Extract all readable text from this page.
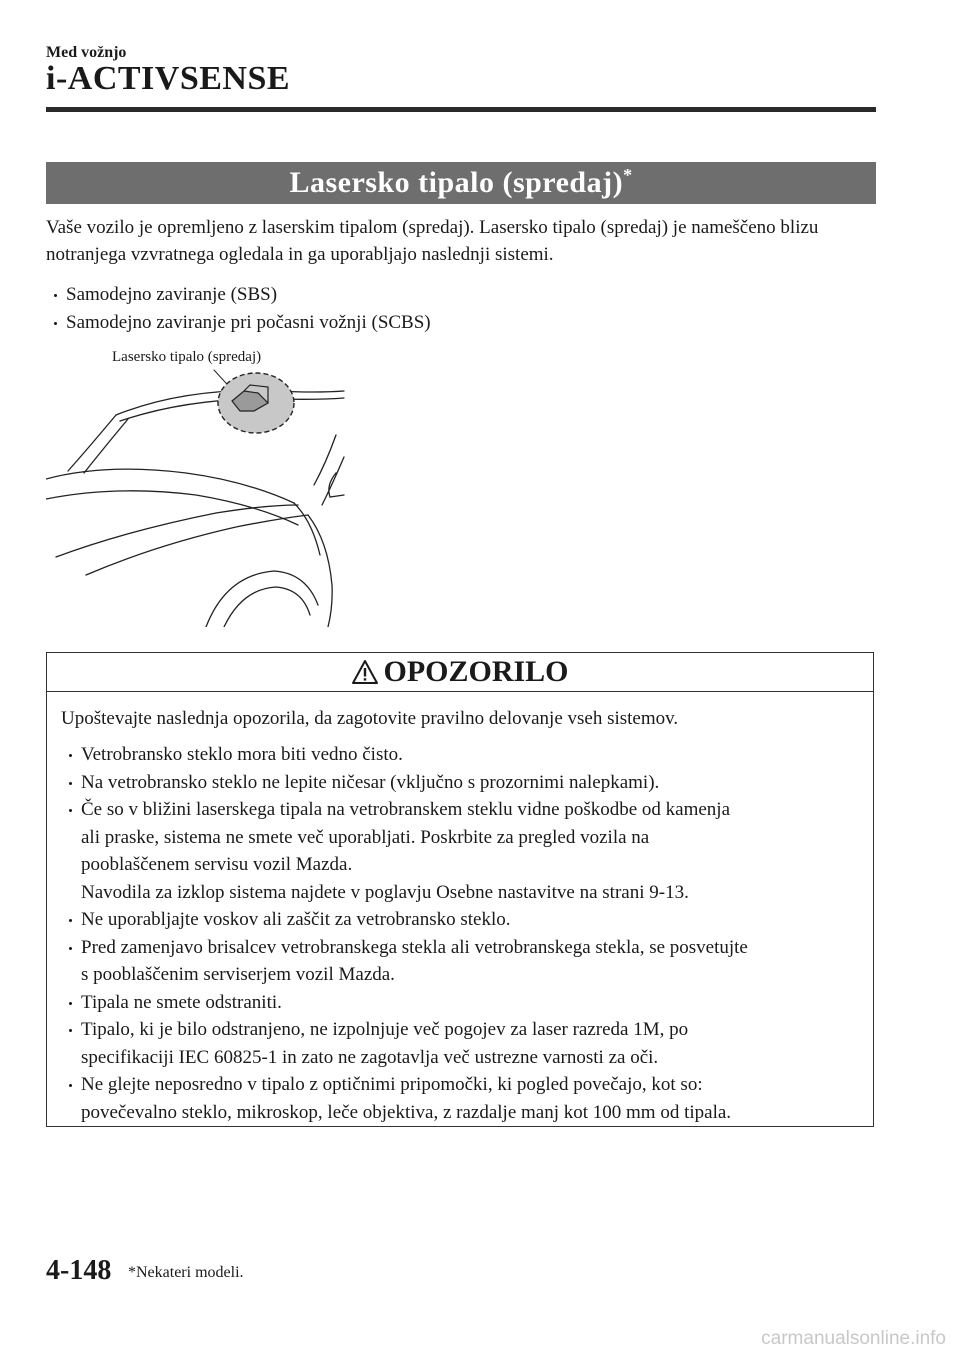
Med vožnjo
i-ACTIVSENSE
Lasersko tipalo (spredaj)*
Vaše vozilo je opremljeno z laserskim tipalom (spredaj). Lasersko tipalo (spredaj) je nameščeno blizu notranjega vzvratnega ogledala in ga uporabljajo naslednji sistemi.
Samodejno zaviranje (SBS)
Samodejno zaviranje pri počasni vožnji (SCBS)
Lasersko tipalo (spredaj)
OPOZORILO
Upoštevajte naslednja opozorila, da zagotovite pravilno delovanje vseh sistemov.
Vetrobransko steklo mora biti vedno čisto.
Na vetrobransko steklo ne lepite ničesar (vključno s prozornimi nalepkami).
Če so v bližini laserskega tipala na vetrobranskem steklu vidne poškodbe od kamenja
ali praske, sistema ne smete več uporabljati. Poskrbite za pregled vozila na
pooblaščenem servisu vozil Mazda.
Navodila za izklop sistema najdete v poglavju Osebne nastavitve na strani 9-13.
Ne uporabljajte voskov ali zaščit za vetrobransko steklo.
Pred zamenjavo brisalcev vetrobranskega stekla ali vetrobranskega stekla, se posvetujte
s pooblaščenim serviserjem vozil Mazda.
Tipala ne smete odstraniti.
Tipalo, ki je bilo odstranjeno, ne izpolnjuje več pogojev za laser razreda 1M, po
specifikaciji IEC 60825-1 in zato ne zagotavlja več ustrezne varnosti za oči.
Ne glejte neposredno v tipalo z optičnimi pripomočki, ki pogled povečajo, kot so:
povečevalno steklo, mikroskop, leče objektiva, z razdalje manj kot 100 mm od tipala.
4-148 *Nekateri modeli.
carmanualsonline.info
